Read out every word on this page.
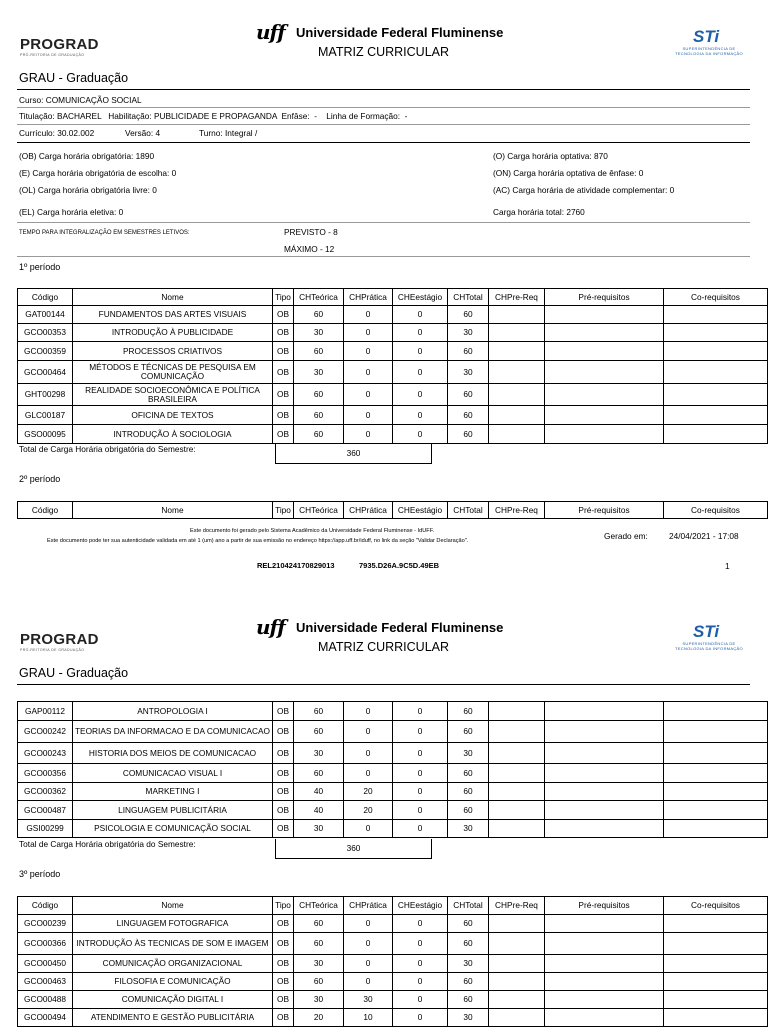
PROGRAD
PRÓ-REITORIA DE GRADUAÇÃO
uff Universidade Federal Fluminense
MATRIZ CURRICULAR
STi
SUPERINTENDÊNCIA DE
TECNOLOGIA DA INFORMAÇÃO
GRAU - Graduação
Curso: COMUNICAÇÃO SOCIAL
Titulação: BACHAREL   Habilitação: PUBLICIDADE E PROPAGANDA  Enfâse:  -    Linha de Formação:  -
Currículo: 30.02.002	Versão: 4	Turno: Integral /
(OB) Carga horária obrigatória: 1890
(E) Carga horária obrigatória de escolha: 0
(OL) Carga horária obrigatória livre: 0
(EL) Carga horária eletiva: 0
(O) Carga horária optativa: 870
(ON) Carga horária optativa de ênfase: 0
(AC) Carga horária de atividade complementar: 0
Carga horária total: 2760
TEMPO PARA INTEGRALIZAÇÃO EM SEMESTRES LETIVOS:	PREVISTO - 8
MÁXIMO - 12
1º período
Código	Nome	Tipo	CHTeórica	CHPrática	CHEestágio	CHTotal	CHPre-Req	Pré-requisitos	Co-requisitos
GAT00144	FUNDAMENTOS DAS ARTES VISUAIS	OB	60	0	0	60			
GCO00353	INTRODUÇÃO À PUBLICIDADE	OB	30	0	0	30			
GCO00359	PROCESSOS CRIATIVOS	OB	60	0	0	60			
GCO00464	MÉTODOS E TÉCNICAS DE PESQUISA EM COMUNICAÇÃO	OB	30	0	0	30			
GHT00298	REALIDADE SOCIOECONÔMICA E POLÍTICA BRASILEIRA	OB	60	0	0	60			
GLC00187	OFICINA DE TEXTOS	OB	60	0	0	60			
GSO00095	INTRODUÇÃO À SOCIOLOGIA	OB	60	0	0	60			
Total de Carga Horária obrigatória do Semestre:	360
2º período
Código	Nome	Tipo	CHTeórica	CHPrática	CHEestágio	CHTotal	CHPre-Req	Pré-requisitos	Co-requisitos
Este documento foi gerado pelo Sistema Acadêmico da Universidade Federal Fluminense - IdUFF.
Este documento pode ter sua autenticidade validada em até 1 (um) ano a partir de sua emissão no endereço https://app.uff.br/iduff, no link da seção "Validar Declaração".	Gerado em:	24/04/2021 - 17:08
REL210424170829013	7935.D26A.9C5D.49EB	1
PROGRAD
PRÓ-REITORIA DE GRADUAÇÃO
uff Universidade Federal Fluminense
MATRIZ CURRICULAR
STi
SUPERINTENDÊNCIA DE
TECNOLOGIA DA INFORMAÇÃO
GRAU - Graduação
GAP00112	ANTROPOLOGIA I	OB	60	0	0	60			
GCO00242	TEORIAS DA INFORMACAO E DA COMUNICACAO	OB	60	0	0	60			
GCO00243	HISTORIA DOS MEIOS DE COMUNICACAO	OB	30	0	0	30			
GCO00356	COMUNICACAO VISUAL I	OB	60	0	0	60			
GCO00362	MARKETING I	OB	40	20	0	60			
GCO00487	LINGUAGEM PUBLICITÁRIA	OB	40	20	0	60			
GSI00299	PSICOLOGIA E COMUNICAÇÃO SOCIAL	OB	30	0	0	30			
Total de Carga Horária obrigatória do Semestre:	360
3º período
Código	Nome	Tipo	CHTeórica	CHPrática	CHEestágio	CHTotal	CHPre-Req	Pré-requisitos	Co-requisitos
GCO00239	LINGUAGEM FOTOGRAFICA	OB	60	0	0	60			
GCO00366	INTRODUÇÃO ÀS TECNICAS DE SOM E IMAGEM	OB	60	0	0	60			
GCO00450	COMUNICAÇÃO ORGANIZACIONAL	OB	30	0	0	30			
GCO00463	FILOSOFIA E COMUNICAÇÃO	OB	60	0	0	60			
GCO00488	COMUNICAÇÃO DIGITAL I	OB	30	30	0	60			
GCO00494	ATENDIMENTO E GESTÃO PUBLICITÁRIA	OB	20	10	0	30			
